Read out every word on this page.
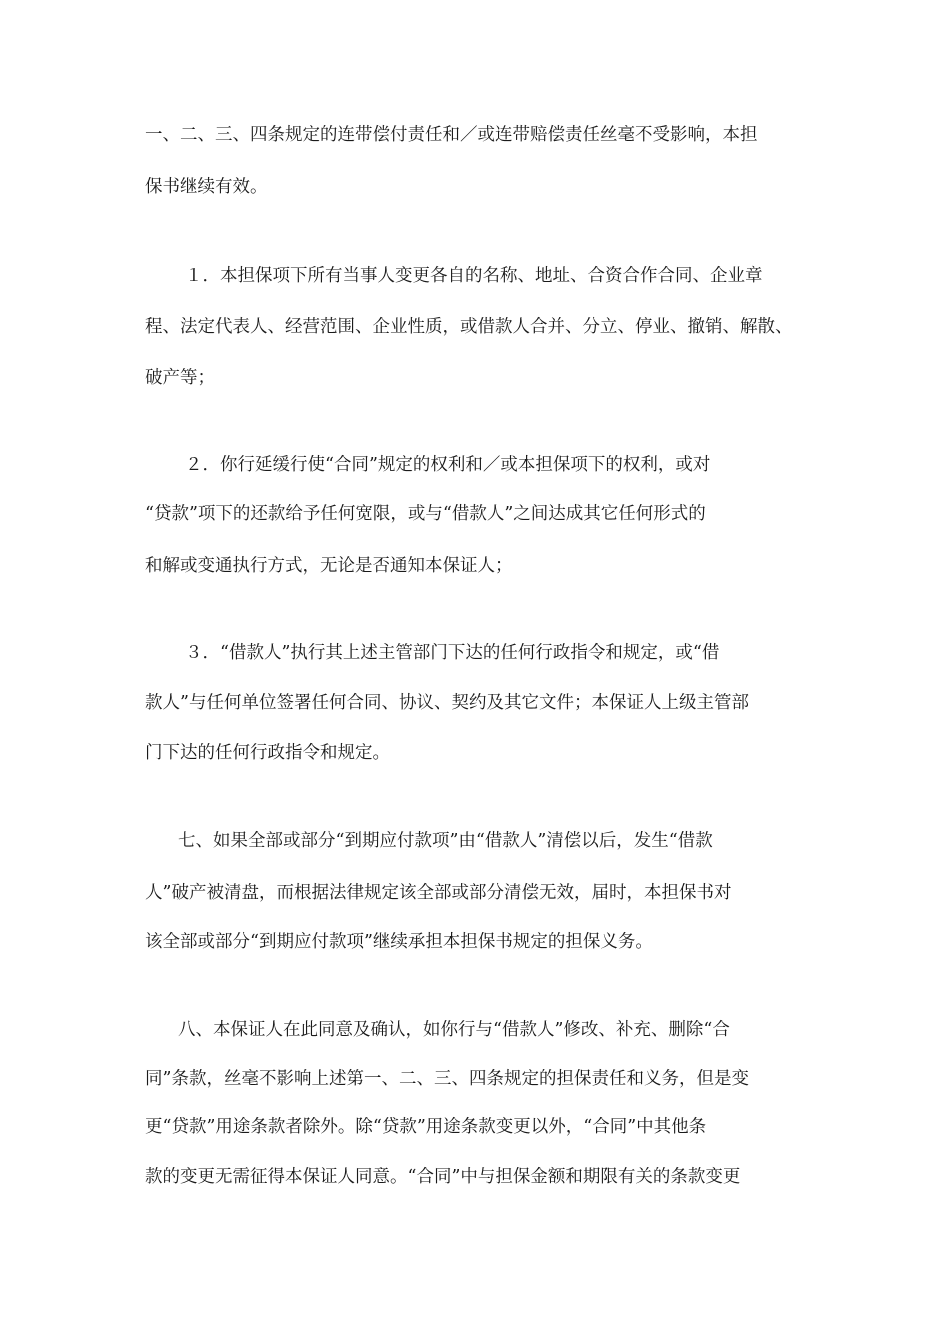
一、二、三、四条规定的连带偿付责任和／或连带赔偿责任丝毫不受影响，本担
保书继续有效。
１．本担保项下所有当事人变更各自的名称、地址、合资合作合同、企业章
程、法定代表人、经营范围、企业性质，或借款人合并、分立、停业、撤销、解散、
破产等；
２．你行延缓行使“合同”规定的权利和／或本担保项下的权利，或对
“贷款”项下的还款给予任何宽限，或与“借款人”之间达成其它任何形式的
和解或变通执行方式，无论是否通知本保证人；
３．“借款人”执行其上述主管部门下达的任何行政指令和规定，或“借
款人”与任何单位签署任何合同、协议、契约及其它文件；本保证人上级主管部
门下达的任何行政指令和规定。
七、如果全部或部分“到期应付款项”由“借款人”清偿以后，发生“借款
人”破产被清盘，而根据法律规定该全部或部分清偿无效，届时，本担保书对
该全部或部分“到期应付款项”继续承担本担保书规定的担保义务。
八、本保证人在此同意及确认，如你行与“借款人”修改、补充、删除“合
同”条款，丝毫不影响上述第一、二、三、四条规定的担保责任和义务，但是变
更“贷款”用途条款者除外。除“贷款”用途条款变更以外，“合同”中其他条
款的变更无需征得本保证人同意。“合同”中与担保金额和期限有关的条款变更
